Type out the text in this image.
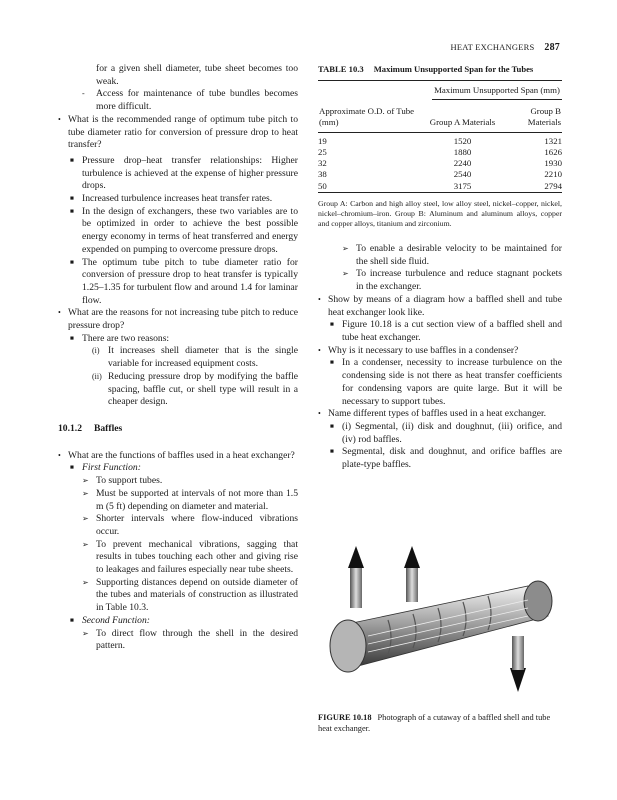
HEAT EXCHANGERS 287
for a given shell diameter, tube sheet becomes too weak.
- Access for maintenance of tube bundles becomes more difficult.
• What is the recommended range of optimum tube pitch to tube diameter ratio for conversion of pressure drop to heat transfer?
■ Pressure drop–heat transfer relationships: Higher turbulence is achieved at the expense of higher pressure drops.
■ Increased turbulence increases heat transfer rates.
■ In the design of exchangers, these two variables are to be optimized in order to achieve the best possible energy economy in terms of heat transferred and energy expended on pumping to overcome pressure drops.
■ The optimum tube pitch to tube diameter ratio for conversion of pressure drop to heat transfer is typically 1.25–1.35 for turbulent flow and around 1.4 for laminar flow.
• What are the reasons for not increasing tube pitch to reduce pressure drop?
■ There are two reasons:
(i) It increases shell diameter that is the single variable for increased equipment costs.
(ii) Reducing pressure drop by modifying the baffle spacing, baffle cut, or shell type will result in a cheaper design.
10.1.2 Baffles
• What are the functions of baffles used in a heat exchanger?
■ First Function:
➢ To support tubes.
➢ Must be supported at intervals of not more than 1.5 m (5 ft) depending on diameter and material.
➢ Shorter intervals where flow-induced vibrations occur.
➢ To prevent mechanical vibrations, sagging that results in tubes touching each other and giving rise to leakages and failures especially near tube sheets.
➢ Supporting distances depend on outside diameter of the tubes and materials of construction as illustrated in Table 10.3.
■ Second Function:
➢ To direct flow through the shell in the desired pattern.
TABLE 10.3 Maximum Unsupported Span for the Tubes

	Maximum Unsupported Span (mm)	

Approximate O.D. of Tube (mm)	Group A Materials	Group B Materials
19	1520	1321
25	1880	1626
32	2240	1930
38	2540	2210
50	3175	2794
Group A: Carbon and high alloy steel, low alloy steel, nickel–copper, nickel, nickel–chromium–iron. Group B: Aluminum and aluminum alloys, copper and copper alloys, titanium and zirconium.
➢ To enable a desirable velocity to be maintained for the shell side fluid.
➢ To increase turbulence and reduce stagnant pockets in the exchanger.
• Show by means of a diagram how a baffled shell and tube heat exchanger look like.
■ Figure 10.18 is a cut section view of a baffled shell and tube heat exchanger.
• Why is it necessary to use baffles in a condenser?
■ In a condenser, necessity to increase turbulence on the condensing side is not there as heat transfer coefficients for condensing vapors are quite large. But it will be necessary to support tubes.
• Name different types of baffles used in a heat exchanger.
■ (i) Segmental, (ii) disk and doughnut, (iii) orifice, and (iv) rod baffles.
■ Segmental, disk and doughnut, and orifice baffles are plate-type baffles.
FIGURE 10.18 Photograph of a cutaway of a baffled shell and tube heat exchanger.
